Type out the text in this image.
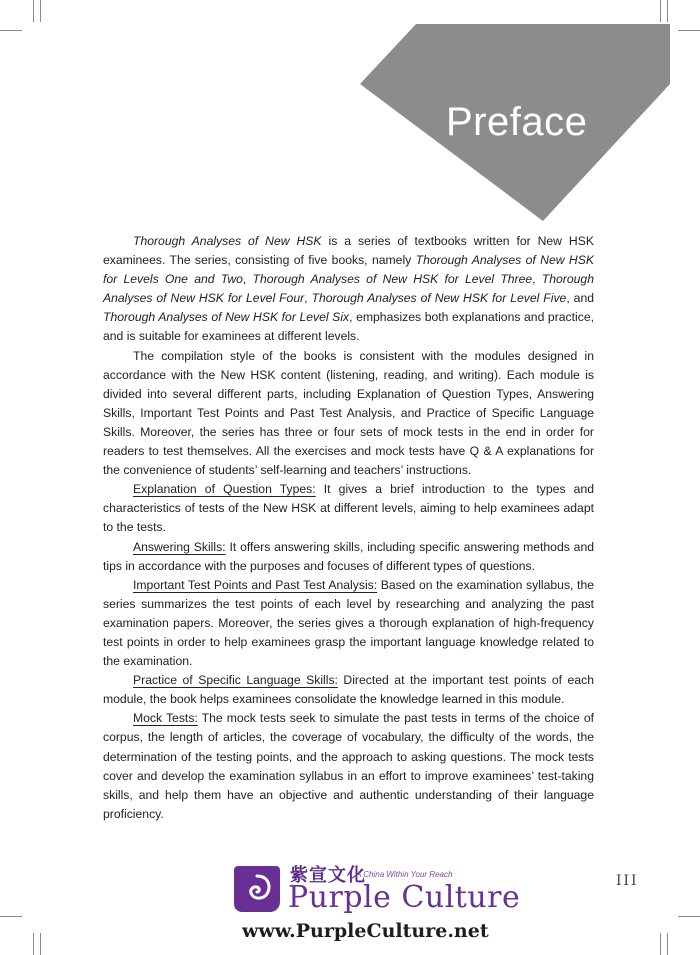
Preface

Thorough Analyses of New HSK is a series of textbooks written for New HSK examinees. The series, consisting of five books, namely Thorough Analyses of New HSK for Levels One and Two, Thorough Analyses of New HSK for Level Three, Thorough Analyses of New HSK for Level Four, Thorough Analyses of New HSK for Level Five, and Thorough Analyses of New HSK for Level Six, emphasizes both explanations and practice, and is suitable for examinees at different levels.

The compilation style of the books is consistent with the modules designed in accordance with the New HSK content (listening, reading, and writing). Each module is divided into several different parts, including Explanation of Question Types, Answering Skills, Important Test Points and Past Test Analysis, and Practice of Specific Language Skills. Moreover, the series has three or four sets of mock tests in the end in order for readers to test themselves. All the exercises and mock tests have Q & A explanations for the convenience of students’ self-learning and teachers’ instructions.

Explanation of Question Types: It gives a brief introduction to the types and characteristics of tests of the New HSK at different levels, aiming to help examinees adapt to the tests.

Answering Skills: It offers answering skills, including specific answering methods and tips in accordance with the purposes and focuses of different types of questions.

Important Test Points and Past Test Analysis: Based on the examination syllabus, the series summarizes the test points of each level by researching and analyzing the past examination papers. Moreover, the series gives a thorough explanation of high-frequency test points in order to help examinees grasp the important language knowledge related to the examination.

Practice of Specific Language Skills: Directed at the important test points of each module, the book helps examinees consolidate the knowledge learned in this module.

Mock Tests: The mock tests seek to simulate the past tests in terms of the choice of corpus, the length of articles, the coverage of vocabulary, the difficulty of the words, the determination of the testing points, and the approach to asking questions. The mock tests cover and develop the examination syllabus in an effort to improve examinees’ test-taking skills, and help them have an objective and authentic understanding of their language proficiency.

III
紫宣文化
A China Within Your Reach
Purple Culture
www.PurpleCulture.net
